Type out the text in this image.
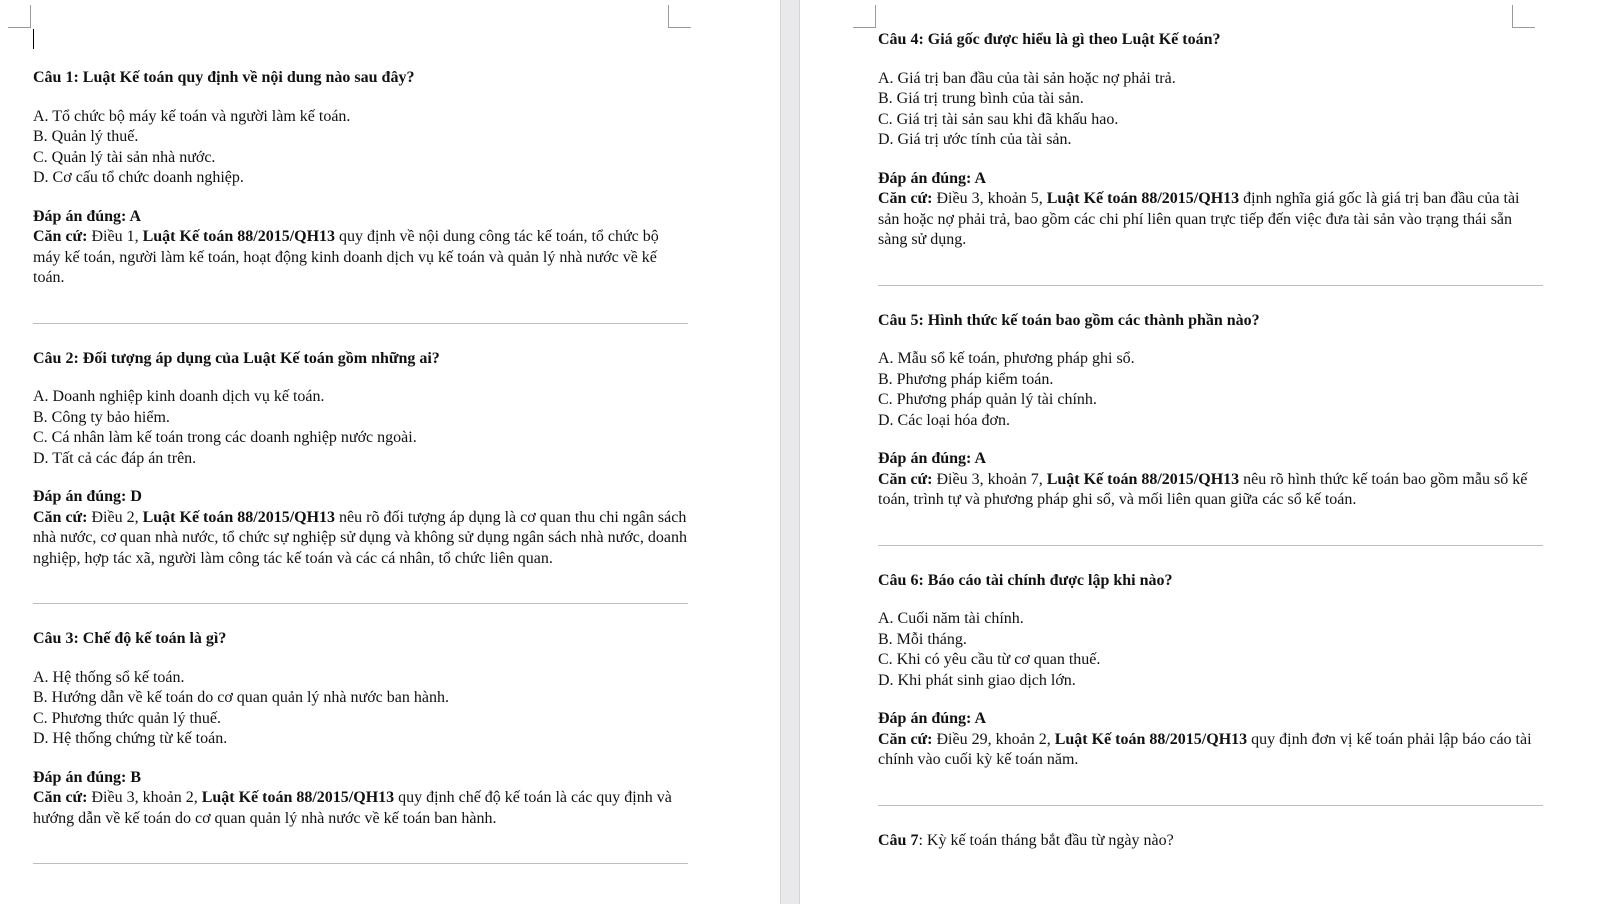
Câu 1: Luật Kế toán quy định về nội dung nào sau đây?

A. Tổ chức bộ máy kế toán và người làm kế toán.
B. Quản lý thuế.
C. Quản lý tài sản nhà nước.
D. Cơ cấu tổ chức doanh nghiệp.
Đáp án đúng: A

Căn cứ: Điều 1, Luật Kế toán 88/2015/QH13 quy định về nội dung công tác kế toán, tổ chức bộ máy kế toán, người làm kế toán, hoạt động kinh doanh dịch vụ kế toán và quản lý nhà nước về kế toán.

Câu 2: Đối tượng áp dụng của Luật Kế toán gồm những ai?

A. Doanh nghiệp kinh doanh dịch vụ kế toán.
B. Công ty bảo hiểm.
C. Cá nhân làm kế toán trong các doanh nghiệp nước ngoài.
D. Tất cả các đáp án trên.
Đáp án đúng: D

Căn cứ: Điều 2, Luật Kế toán 88/2015/QH13 nêu rõ đối tượng áp dụng là cơ quan thu chi ngân sách nhà nước, cơ quan nhà nước, tổ chức sự nghiệp sử dụng và không sử dụng ngân sách nhà nước, doanh nghiệp, hợp tác xã, người làm công tác kế toán và các cá nhân, tổ chức liên quan.

Câu 3: Chế độ kế toán là gì?

A. Hệ thống sổ kế toán.
B. Hướng dẫn về kế toán do cơ quan quản lý nhà nước ban hành.
C. Phương thức quản lý thuế.
D. Hệ thống chứng từ kế toán.
Đáp án đúng: B

Căn cứ: Điều 3, khoản 2, Luật Kế toán 88/2015/QH13 quy định chế độ kế toán là các quy định và hướng dẫn về kế toán do cơ quan quản lý nhà nước về kế toán ban hành.

Câu 4: Giá gốc được hiểu là gì theo Luật Kế toán?

A. Giá trị ban đầu của tài sản hoặc nợ phải trả.
B. Giá trị trung bình của tài sản.
C. Giá trị tài sản sau khi đã khấu hao.
D. Giá trị ước tính của tài sản.
Đáp án đúng: A

Căn cứ: Điều 3, khoản 5, Luật Kế toán 88/2015/QH13 định nghĩa giá gốc là giá trị ban đầu của tài sản hoặc nợ phải trả, bao gồm các chi phí liên quan trực tiếp đến việc đưa tài sản vào trạng thái sẵn sàng sử dụng.

Câu 5: Hình thức kế toán bao gồm các thành phần nào?

A. Mẫu sổ kế toán, phương pháp ghi sổ.
B. Phương pháp kiểm toán.
C. Phương pháp quản lý tài chính.
D. Các loại hóa đơn.
Đáp án đúng: A

Căn cứ: Điều 3, khoản 7, Luật Kế toán 88/2015/QH13 nêu rõ hình thức kế toán bao gồm mẫu sổ kế toán, trình tự và phương pháp ghi sổ, và mối liên quan giữa các sổ kế toán.

Câu 6: Báo cáo tài chính được lập khi nào?

A. Cuối năm tài chính.
B. Mỗi tháng.
C. Khi có yêu cầu từ cơ quan thuế.
D. Khi phát sinh giao dịch lớn.
Đáp án đúng: A

Căn cứ: Điều 29, khoản 2, Luật Kế toán 88/2015/QH13 quy định đơn vị kế toán phải lập báo cáo tài chính vào cuối kỳ kế toán năm.

Câu 7: Kỳ kế toán tháng bắt đầu từ ngày nào?
